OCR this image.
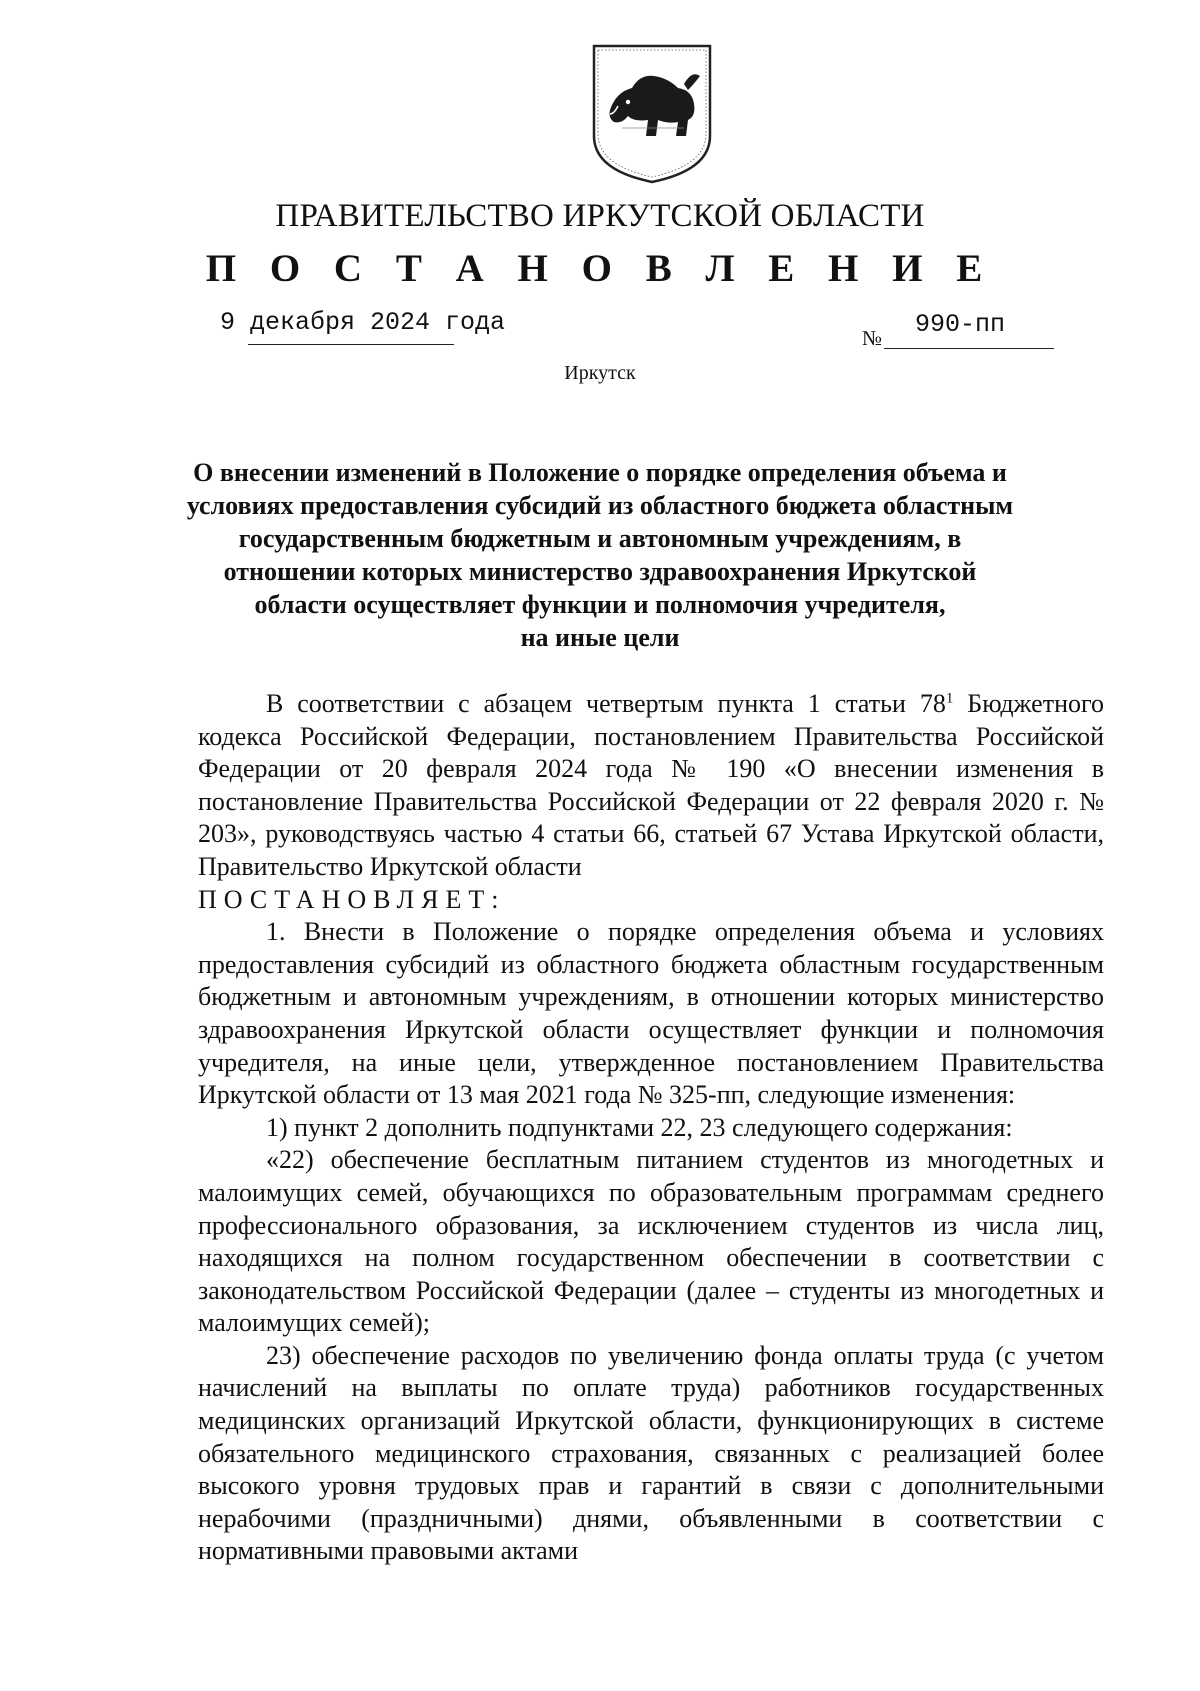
ПРАВИТЕЛЬСТВО ИРКУТСКОЙ ОБЛАСТИ
П О С Т А Н О В Л Е Н И Е
9 декабря 2024 года
№ 990-пп
Иркутск
О внесении изменений в Положение о порядке определения объема и
условиях предоставления субсидий из областного бюджета областным
государственным бюджетным и автономным учреждениям, в
отношении которых министерство здравоохранения Иркутской
области осуществляет функции и полномочия учредителя,
на иные цели

В соответствии с абзацем четвертым пункта 1 статьи $78^1$ Бюджетного кодекса Российской Федерации, постановлением Правительства Российской Федерации от 20 февраля 2024 года № 190 «О внесении изменения в постановление Правительства Российской Федерации от 22 февраля 2020 г. № 203», руководствуясь частью 4 статьи 66, статьей 67 Устава Иркутской области, Правительство Иркутской области

ПОСТАНОВЛЯЕТ:

1. Внести в Положение о порядке определения объема и условиях предоставления субсидий из областного бюджета областным государственным бюджетным и автономным учреждениям, в отношении которых министерство здравоохранения Иркутской области осуществляет функции и полномочия учредителя, на иные цели, утвержденное постановлением Правительства Иркутской области от 13 мая 2021 года № 325-пп, следующие изменения:

1) пункт 2 дополнить подпунктами 22, 23 следующего содержания:

«22) обеспечение бесплатным питанием студентов из многодетных и малоимущих семей, обучающихся по образовательным программам среднего профессионального образования, за исключением студентов из числа лиц, находящихся на полном государственном обеспечении в соответствии с законодательством Российской Федерации (далее – студенты из многодетных и малоимущих семей);

23) обеспечение расходов по увеличению фонда оплаты труда (с учетом начислений на выплаты по оплате труда) работников государственных медицинских организаций Иркутской области, функционирующих в системе обязательного медицинского страхования, связанных с реализацией более высокого уровня трудовых прав и гарантий в связи с дополнительными нерабочими (праздничными) днями, объявленными в соответствии с нормативными правовыми актами
